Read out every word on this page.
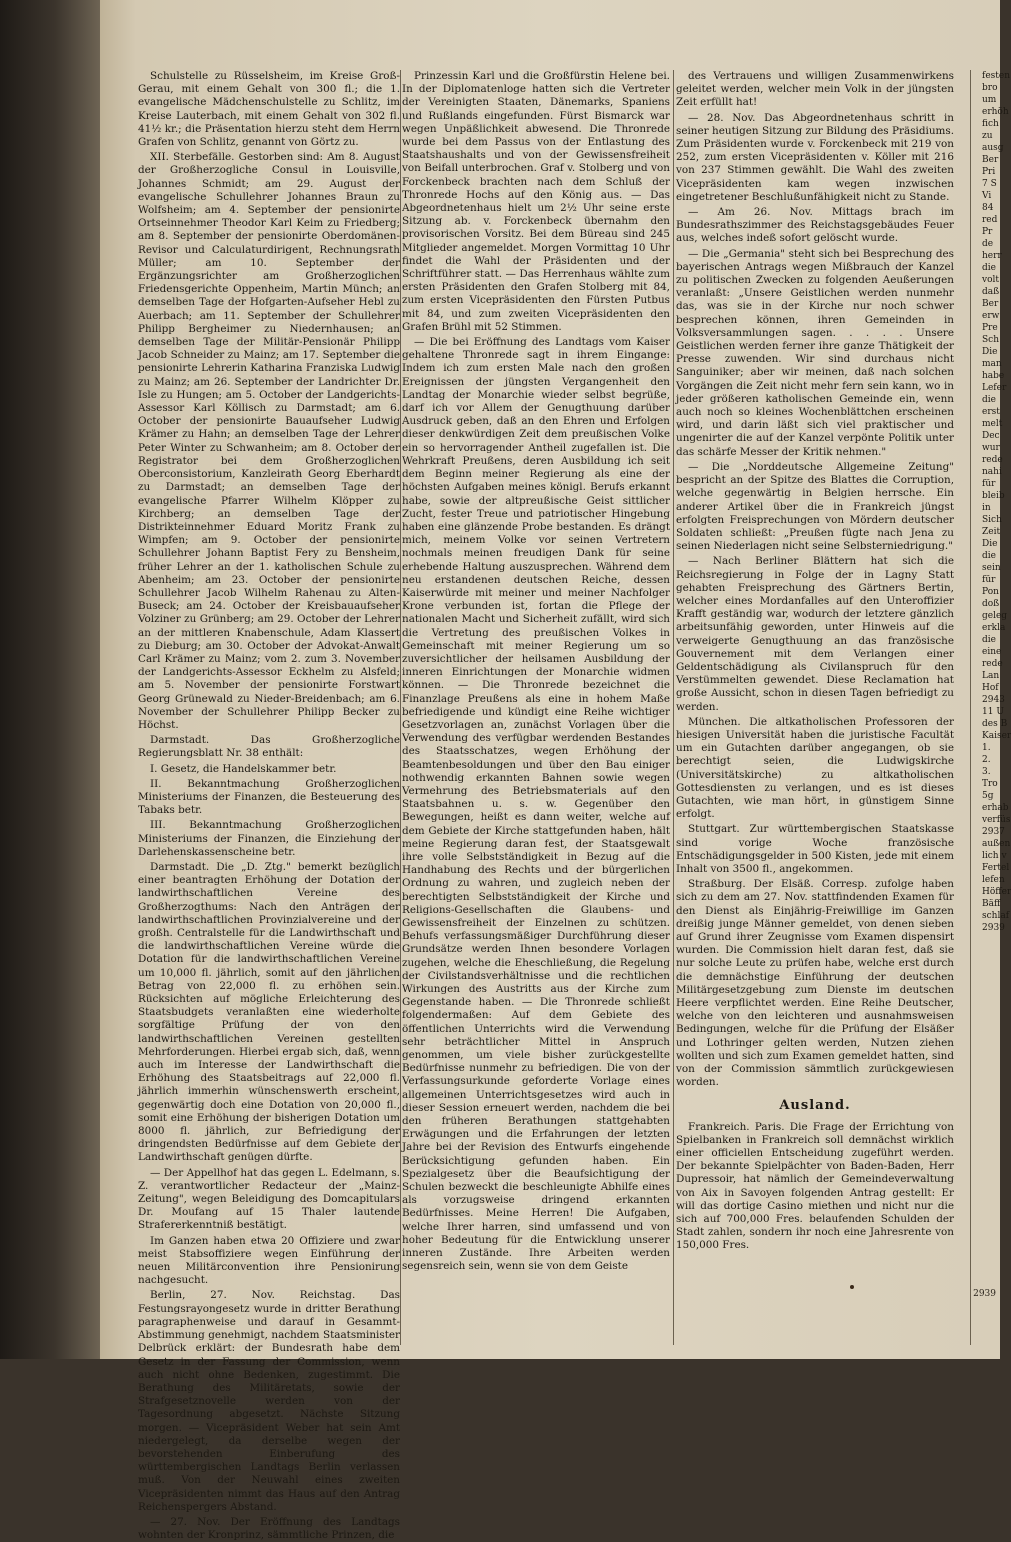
Schulstelle zu Rüsselsheim, im Kreise Groß-Gerau, mit einem Gehalt von 300 fl.; die 1. evangelische Mädchenschulstelle zu Schlitz, im Kreise Lauterbach, mit einem Gehalt von 302 fl. 41½ kr.; die Präsentation hierzu steht dem Herrn Grafen von Schlitz, genannt von Görtz zu.

XII. Sterbefälle. Gestorben sind: Am 8. August der Großherzogliche Consul in Louisville, Johannes Schmidt; am 29. August der evangelische Schullehrer Johannes Braun zu Wolfsheim; am 4. September der pensionirte Ortseinnehmer Theodor Karl Keim zu Friedberg; am 8. September der pensionirte Oberdomänen-Revisor und Calculaturdirigent, Rechnungsrath Müller; am 10. September der Ergänzungsrichter am Großherzoglichen Friedensgerichte Oppenheim, Martin Münch; an demselben Tage der Hofgarten-Aufseher Hebl zu Auerbach; am 11. September der Schullehrer Philipp Bergheimer zu Niedernhausen; an demselben Tage der Militär-Pensionär Philipp Jacob Schneider zu Mainz; am 17. September die pensionirte Lehrerin Katharina Franziska Ludwig zu Mainz; am 26. September der Landrichter Dr. Isle zu Hungen; am 5. October der Landgerichts-Assessor Karl Köllisch zu Darmstadt; am 6. October der pensionirte Bauaufseher Ludwig Krämer zu Hahn; an demselben Tage der Lehrer Peter Winter zu Schwanheim; am 8. October der Registrator bei dem Großherzoglichen Oberconsistorium, Kanzleirath Georg Eberhardt zu Darmstadt; an demselben Tage der evangelische Pfarrer Wilhelm Klöpper zu Kirchberg; an demselben Tage der Distrikteinnehmer Eduard Moritz Frank zu Wimpfen; am 9. October der pensionirte Schullehrer Johann Baptist Fery zu Bensheim, früher Lehrer an der 1. katholischen Schule zu Abenheim; am 23. October der pensionirte Schullehrer Jacob Wilhelm Rahenau zu Alten-Buseck; am 24. October der Kreisbauaufseher Volziner zu Grünberg; am 29. October der Lehrer an der mittleren Knabenschule, Adam Klassert zu Dieburg; am 30. October der Advokat-Anwalt Carl Krämer zu Mainz; vom 2. zum 3. November der Landgerichts-Assessor Eckhelm zu Alsfeld; am 5. November der pensionirte Forstwart Georg Grünewald zu Nieder-Breidenbach; am 6. November der Schullehrer Philipp Becker zu Höchst.

Darmstadt. Das Großherzogliche Regierungsblatt Nr. 38 enthält:

I. Gesetz, die Handelskammer betr.

II. Bekanntmachung Großherzoglichen Ministeriums der Finanzen, die Besteuerung des Tabaks betr.

III. Bekanntmachung Großherzoglichen Ministeriums der Finanzen, die Einziehung der Darlehenskassenscheine betr.

Darmstadt. Die „D. Ztg." bemerkt bezüglich einer beantragten Erhöhung der Dotation der landwirthschaftlichen Vereine des Großherzogthums: Nach den Anträgen der landwirthschaftlichen Provinzialvereine und der großh. Centralstelle für die Landwirthschaft und die landwirthschaftlichen Vereine würde die Dotation für die landwirthschaftlichen Vereine um 10,000 fl. jährlich, somit auf den jährlichen Betrag von 22,000 fl. zu erhöhen sein. Rücksichten auf mögliche Erleichterung des Staatsbudgets veranlaßten eine wiederholte sorgfältige Prüfung der von den landwirthschaftlichen Vereinen gestellten Mehrforderungen. Hierbei ergab sich, daß, wenn auch im Interesse der Landwirthschaft die Erhöhung des Staatsbeitrags auf 22,000 fl. jährlich immerhin wünschenswerth erscheint, gegenwärtig doch eine Dotation von 20,000 fl., somit eine Erhöhung der bisherigen Dotation um 8000 fl. jährlich, zur Befriedigung der dringendsten Bedürfnisse auf dem Gebiete der Landwirthschaft genügen dürfte.

— Der Appellhof hat das gegen L. Edelmann, s. Z. verantwortlicher Redacteur der „Mainz-Zeitung", wegen Beleidigung des Domcapitulars Dr. Moufang auf 15 Thaler lautende Strafererkenntniß bestätigt.

Im Ganzen haben etwa 20 Offiziere und zwar meist Stabsoffiziere wegen Einführung der neuen Militärconvention ihre Pensionirung nachgesucht.

Berlin, 27. Nov. Reichstag. Das Festungsrayongesetz wurde in dritter Berathung paragraphenweise und darauf in Gesammt-Abstimmung genehmigt, nachdem Staatsminister Delbrück erklärt: der Bundesrath habe dem Gesetz in der Fassung der Commission, wenn auch nicht ohne Bedenken, zugestimmt. Die Berathung des Militäretats, sowie der Strafgesetznovelle werden von der Tagesordnung abgesetzt. Nächste Sitzung morgen. — Vicepräsident Weber hat sein Amt niedergelegt, da derselbe wegen der bevorstehenden Einberufung des württembergischen Landtags Berlin verlassen muß. Von der Neuwahl eines zweiten Vicepräsidenten nimmt das Haus auf den Antrag Reichenspergers Abstand.

— 27. Nov. Der Eröffnung des Landtags wohnten der Kronprinz, sämmtliche Prinzen, die

Prinzessin Karl und die Großfürstin Helene bei. In der Diplomatenloge hatten sich die Vertreter der Vereinigten Staaten, Dänemarks, Spaniens und Rußlands eingefunden. Fürst Bismarck war wegen Unpäßlichkeit abwesend. Die Thronrede wurde bei dem Passus von der Entlastung des Staatshaushalts und von der Gewissensfreiheit von Beifall unterbrochen. Graf v. Stolberg und von Forckenbeck brachten nach dem Schluß der Thronrede Hochs auf den König aus. — Das Abgeordnetenhaus hielt um 2½ Uhr seine erste Sitzung ab. v. Forckenbeck übernahm den provisorischen Vorsitz. Bei dem Büreau sind 245 Mitglieder angemeldet. Morgen Vormittag 10 Uhr findet die Wahl der Präsidenten und der Schriftführer statt. — Das Herrenhaus wählte zum ersten Präsidenten den Grafen Stolberg mit 84, zum ersten Vicepräsidenten den Fürsten Putbus mit 84, und zum zweiten Vicepräsidenten den Grafen Brühl mit 52 Stimmen.

— Die bei Eröffnung des Landtags vom Kaiser gehaltene Thronrede sagt in ihrem Eingange: Indem ich zum ersten Male nach den großen Ereignissen der jüngsten Vergangenheit den Landtag der Monarchie wieder selbst begrüße, darf ich vor Allem der Genugthuung darüber Ausdruck geben, daß an den Ehren und Erfolgen dieser denkwürdigen Zeit dem preußischen Volke ein so hervorragender Antheil zugefallen ist. Die Wehrkraft Preußens, deren Ausbildung ich seit dem Beginn meiner Regierung als eine der höchsten Aufgaben meines königl. Berufs erkannt habe, sowie der altpreußische Geist sittlicher Zucht, fester Treue und patriotischer Hingebung haben eine glänzende Probe bestanden. Es drängt mich, meinem Volke vor seinen Vertretern nochmals meinen freudigen Dank für seine erhebende Haltung auszusprechen. Während dem neu erstandenen deutschen Reiche, dessen Kaiserwürde mit meiner und meiner Nachfolger Krone verbunden ist, fortan die Pflege der nationalen Macht und Sicherheit zufällt, wird sich die Vertretung des preußischen Volkes in Gemeinschaft mit meiner Regierung um so zuversichtlicher der heilsamen Ausbildung der inneren Einrichtungen der Monarchie widmen können. — Die Thronrede bezeichnet die Finanzlage Preußens als eine in hohem Maße befriedigende und kündigt eine Reihe wichtiger Gesetzvorlagen an, zunächst Vorlagen über die Verwendung des verfügbar werdenden Bestandes des Staatsschatzes, wegen Erhöhung der Beamtenbesoldungen und über den Bau einiger nothwendig erkannten Bahnen sowie wegen Vermehrung des Betriebsmaterials auf den Staatsbahnen u. s. w. Gegenüber den Bewegungen, heißt es dann weiter, welche auf dem Gebiete der Kirche stattgefunden haben, hält meine Regierung daran fest, der Staatsgewalt ihre volle Selbstständigkeit in Bezug auf die Handhabung des Rechts und der bürgerlichen Ordnung zu wahren, und zugleich neben der berechtigten Selbstständigkeit der Kirche und Religions-Gesellschaften die Glaubens- und Gewissensfreiheit der Einzelnen zu schützen. Behufs verfassungsmäßiger Durchführung dieser Grundsätze werden Ihnen besondere Vorlagen zugehen, welche die Eheschließung, die Regelung der Civilstandsverhältnisse und die rechtlichen Wirkungen des Austritts aus der Kirche zum Gegenstande haben. — Die Thronrede schließt folgendermaßen: Auf dem Gebiete des öffentlichen Unterrichts wird die Verwendung sehr beträchtlicher Mittel in Anspruch genommen, um viele bisher zurückgestellte Bedürfnisse nunmehr zu befriedigen. Die von der Verfassungsurkunde geforderte Vorlage eines allgemeinen Unterrichtsgesetzes wird auch in dieser Session erneuert werden, nachdem die bei den früheren Berathungen stattgehabten Erwägungen und die Erfahrungen der letzten Jahre bei der Revision des Entwurfs eingehende Berücksichtigung gefunden haben. Ein Spezialgesetz über die Beaufsichtigung der Schulen bezweckt die beschleunigte Abhilfe eines als vorzugsweise dringend erkannten Bedürfnisses. Meine Herren! Die Aufgaben, welche Ihrer harren, sind umfassend und von hoher Bedeutung für die Entwicklung unserer inneren Zustände. Ihre Arbeiten werden segensreich sein, wenn sie von dem Geiste

des Vertrauens und willigen Zusammenwirkens geleitet werden, welcher mein Volk in der jüngsten Zeit erfüllt hat!

— 28. Nov. Das Abgeordnetenhaus schritt in seiner heutigen Sitzung zur Bildung des Präsidiums. Zum Präsidenten wurde v. Forckenbeck mit 219 von 252, zum ersten Vicepräsidenten v. Köller mit 216 von 237 Stimmen gewählt. Die Wahl des zweiten Vicepräsidenten kam wegen inzwischen eingetretener Beschlußunfähigkeit nicht zu Stande.

— Am 26. Nov. Mittags brach im Bundesrathszimmer des Reichstagsgebäudes Feuer aus, welches indeß sofort gelöscht wurde.

— Die „Germania" steht sich bei Besprechung des bayerischen Antrags wegen Mißbrauch der Kanzel zu politischen Zwecken zu folgenden Aeußerungen veranlaßt: „Unsere Geistlichen werden nunmehr das, was sie in der Kirche nur noch schwer besprechen können, ihren Gemeinden in Volksversammlungen sagen. . . . . Unsere Geistlichen werden ferner ihre ganze Thätigkeit der Presse zuwenden. Wir sind durchaus nicht Sanguiniker; aber wir meinen, daß nach solchen Vorgängen die Zeit nicht mehr fern sein kann, wo in jeder größeren katholischen Gemeinde ein, wenn auch noch so kleines Wochenblättchen erscheinen wird, und darin läßt sich viel praktischer und ungenirter die auf der Kanzel verpönte Politik unter das schärfe Messer der Kritik nehmen."

— Die „Norddeutsche Allgemeine Zeitung" bespricht an der Spitze des Blattes die Corruption, welche gegenwärtig in Belgien herrsche. Ein anderer Artikel über die in Frankreich jüngst erfolgten Freisprechungen von Mördern deutscher Soldaten schließt: „Preußen fügte nach Jena zu seinen Niederlagen nicht seine Selbsterniedrigung."

— Nach Berliner Blättern hat sich die Reichsregierung in Folge der in Lagny Statt gehabten Freisprechung des Gärtners Bertin, welcher eines Mordanfalles auf den Unteroffizier Krafft geständig war, wodurch der letztere gänzlich arbeitsunfähig geworden, unter Hinweis auf die verweigerte Genugthuung an das französische Gouvernement mit dem Verlangen einer Geldentschädigung als Civilanspruch für den Verstümmelten gewendet. Diese Reclamation hat große Aussicht, schon in diesen Tagen befriedigt zu werden.

München. Die altkatholischen Professoren der hiesigen Universität haben die juristische Facultät um ein Gutachten darüber angegangen, ob sie berechtigt seien, die Ludwigskirche (Universitätskirche) zu altkatholischen Gottesdiensten zu verlangen, und es ist dieses Gutachten, wie man hört, in günstigem Sinne erfolgt.

Stuttgart. Zur württembergischen Staatskasse sind vorige Woche französische Entschädigungsgelder in 500 Kisten, jede mit einem Inhalt von 3500 fl., angekommen.

Straßburg. Der Elsäß. Corresp. zufolge haben sich zu dem am 27. Nov. stattfindenden Examen für den Dienst als Einjährig-Freiwillige im Ganzen dreißig junge Männer gemeldet, von denen sieben auf Grund ihrer Zeugnisse vom Examen dispensirt wurden. Die Commission hielt daran fest, daß sie nur solche Leute zu prüfen habe, welche erst durch die demnächstige Einführung der deutschen Militärgesetzgebung zum Dienste im deutschen Heere verpflichtet werden. Eine Reihe Deutscher, welche von den leichteren und ausnahmsweisen Bedingungen, welche für die Prüfung der Elsäßer und Lothringer gelten werden, Nutzen ziehen wollten und sich zum Examen gemeldet hatten, sind von der Commission sämmtlich zurückgewiesen worden.

Ausland.

Frankreich. Paris. Die Frage der Errichtung von Spielbanken in Frankreich soll demnächst wirklich einer officiellen Entscheidung zugeführt werden. Der bekannte Spielpächter von Baden-Baden, Herr Dupressoir, hat nämlich der Gemeindeverwaltung von Aix in Savoyen folgenden Antrag gestellt: Er will das dortige Casino miethen und nicht nur die sich auf 700,000 Fres. belaufenden Schulden der Stadt zahlen, sondern ihr noch eine Jahresrente von 150,000 Fres.

festen
bro
um
erhöh
fich
zu
ausg
Ber
Pri
7 S
Vi
84
red
Pr
de
herr
die
volt
daß
Ber
erw
Pre
Sch
Die
man
habe
Lefer
die
erst
melt
Dec
wur
rede
nahi
für
bleib
in
Sich
Zeit
Die
die
sein
für
Pon
doß
geleg
erkla
die
eine
rede
Lan
Hof
2943
11 U
des B
Kaiser
1.
2.
3.
Tro
5g
erhab
verfüs
2937
außen
lich v
Fertel
lefen
Höffer
Bäff
schlaf
2939
2939
